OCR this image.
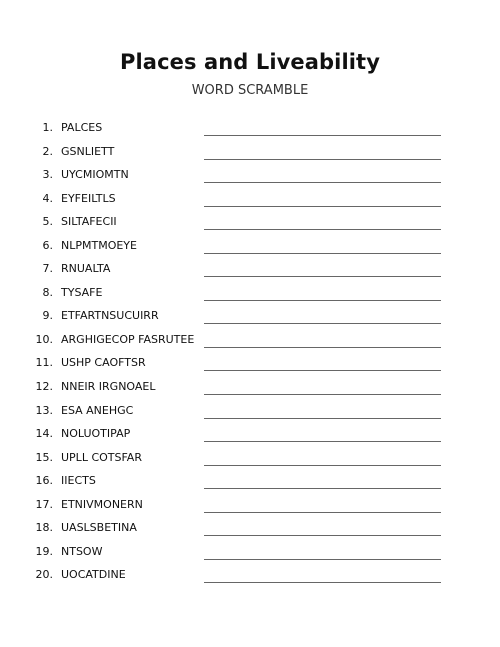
Places and Liveability
WORD SCRAMBLE
1. PALCES
2. GSNLIETT
3. UYCMIOMTN
4. EYFEILTLS
5. SILTAFECII
6. NLPMTMOEYE
7. RNUALTA
8. TYSAFE
9. ETFARTNSUCUIRR
10. ARGHIGECOP FASRUTEE
11. USHP CAOFTSR
12. NNEIR IRGNOAEL
13. ESA ANEHGC
14. NOLUOTIPAP
15. UPLL COTSFAR
16. IIECTS
17. ETNIVMONERN
18. UASLSBETINA
19. NTSOW
20. UOCATDINE
